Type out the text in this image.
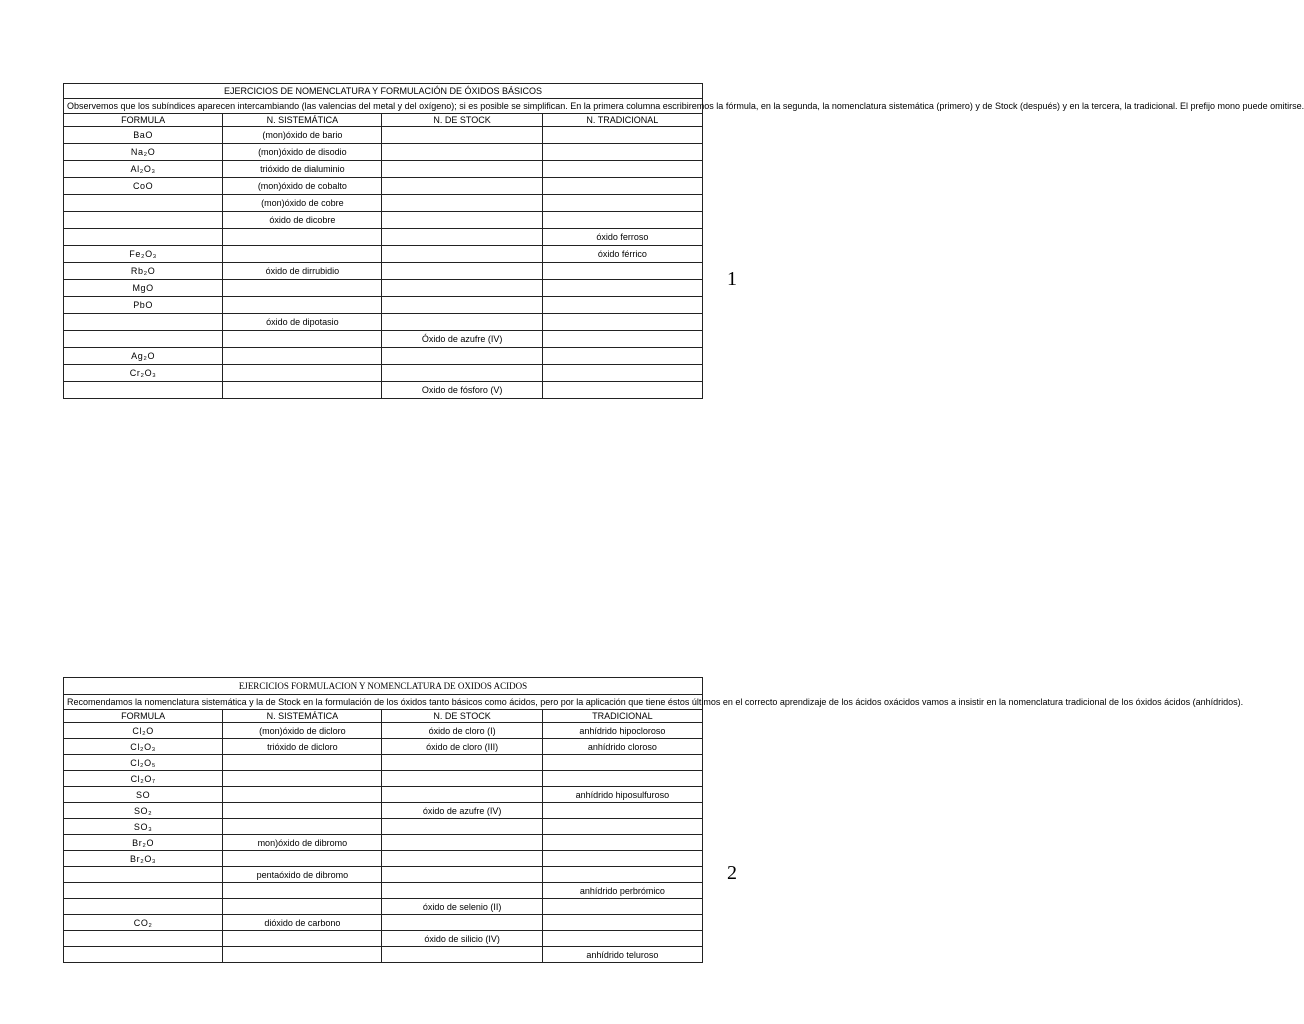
EJERCICIOS DE NOMENCLATURA Y FORMULACIÓN DE ÓXIDOS BÁSICOS			
Observemos que los subíndices aparecen intercambiando (las valencias del metal y del oxígeno); si es posible se simplifican. En la primera columna escribiremos la fórmula, en la segunda, la nomenclatura sistemática (primero) y de Stock (después) y en la tercera, la tradicional. El prefijo mono puede omitirse.			
FORMULA	N. SISTEMÁTICA	N. DE STOCK	N. TRADICIONAL
BaO	(mon)óxido de bario		
Na₂O	(mon)óxido de disodio		
Al₂O₃	trióxido de dialuminio		
CoO	(mon)óxido de cobalto		
	(mon)óxido de cobre		
	óxido de dicobre		
			óxido ferroso
Fe₂O₃			óxido férrico
Rb₂O	óxido de dirrubidio		
MgO			
PbO			
	óxido de dipotasio		
		Óxido de azufre (IV)	
Ag₂O			
Cr₂O₃			
		Oxido de fósforo (V)	
1
EJERCICIOS FORMULACION Y NOMENCLATURA DE OXIDOS ACIDOS			
Recomendamos la nomenclatura sistemática y la de Stock en la formulación de los óxidos tanto básicos como ácidos, pero por la aplicación que tiene éstos últimos en el correcto aprendizaje de los ácidos oxácidos vamos a insistir en la nomenclatura tradicional de los óxidos ácidos (anhídridos).			
FORMULA	N. SISTEMÁTICA	N. DE STOCK	TRADICIONAL
Cl₂O	(mon)óxido de dicloro	óxido de cloro (I)	anhídrido hipocloroso
Cl₂O₃	trióxido de dicloro	óxido de cloro (III)	anhídrido cloroso
Cl₂O₅			
Cl₂O₇			
SO			anhídrido hiposulfuroso
SO₂		óxido de azufre (IV)	
SO₃			
Br₂O	mon)óxido de dibromo		
Br₂O₃			
	pentaóxido de dibromo		
			anhídrido perbrómico
		óxido de selenio (II)	
CO₂	dióxido de carbono		
		óxido de silicio (IV)	
			anhídrido teluroso
2
